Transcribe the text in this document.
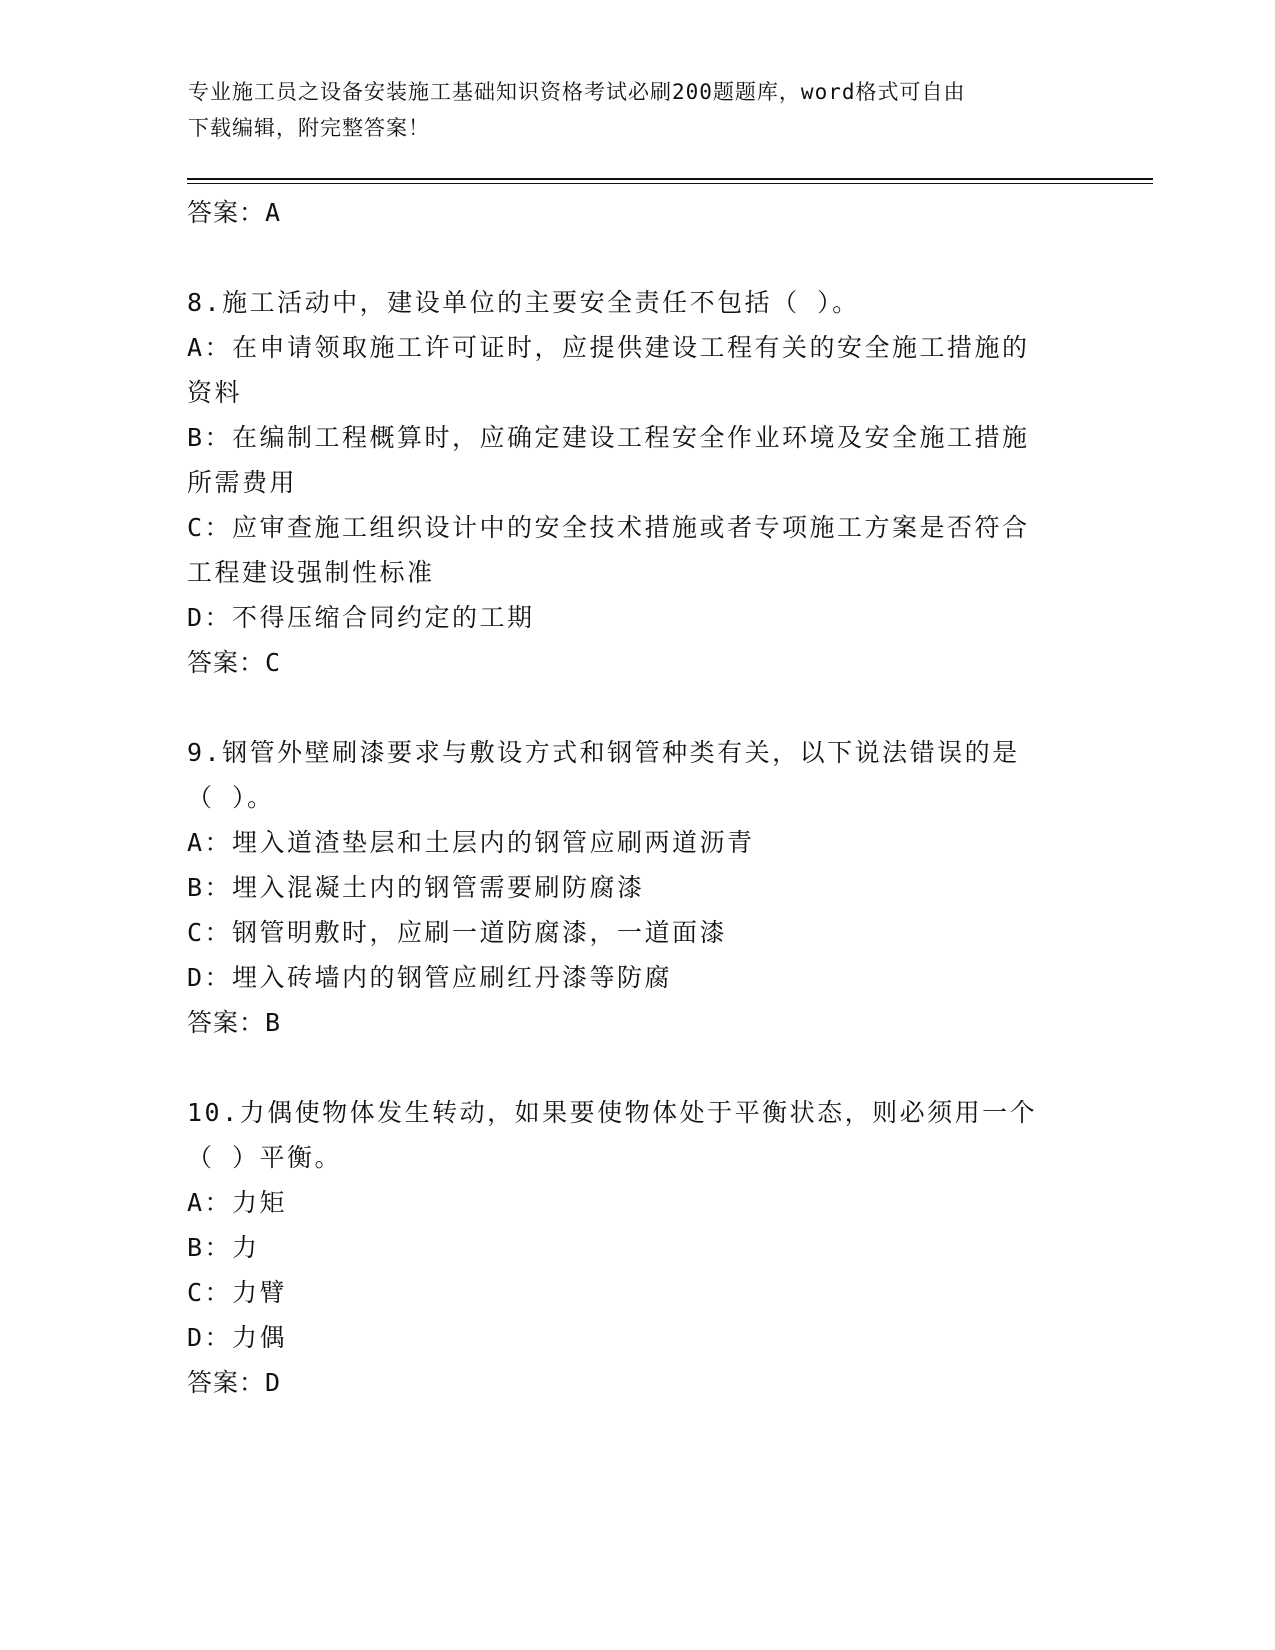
专业施工员之设备安装施工基础知识资格考试必刷200题题库，word格式可自由
下载编辑，附完整答案！
答案：A
8.施工活动中，建设单位的主要安全责任不包括（ ）。
A：在申请领取施工许可证时，应提供建设工程有关的安全施工措施的
资料
B：在编制工程概算时，应确定建设工程安全作业环境及安全施工措施
所需费用
C：应审查施工组织设计中的安全技术措施或者专项施工方案是否符合
工程建设强制性标准
D：不得压缩合同约定的工期
答案：C
9.钢管外壁刷漆要求与敷设方式和钢管种类有关，以下说法错误的是
（ ）。
A：埋入道渣垫层和土层内的钢管应刷两道沥青
B：埋入混凝土内的钢管需要刷防腐漆
C：钢管明敷时，应刷一道防腐漆，一道面漆
D：埋入砖墙内的钢管应刷红丹漆等防腐
答案：B
10.力偶使物体发生转动，如果要使物体处于平衡状态，则必须用一个
（ ）平衡。
A：力矩
B：力
C：力臂
D：力偶
答案：D
